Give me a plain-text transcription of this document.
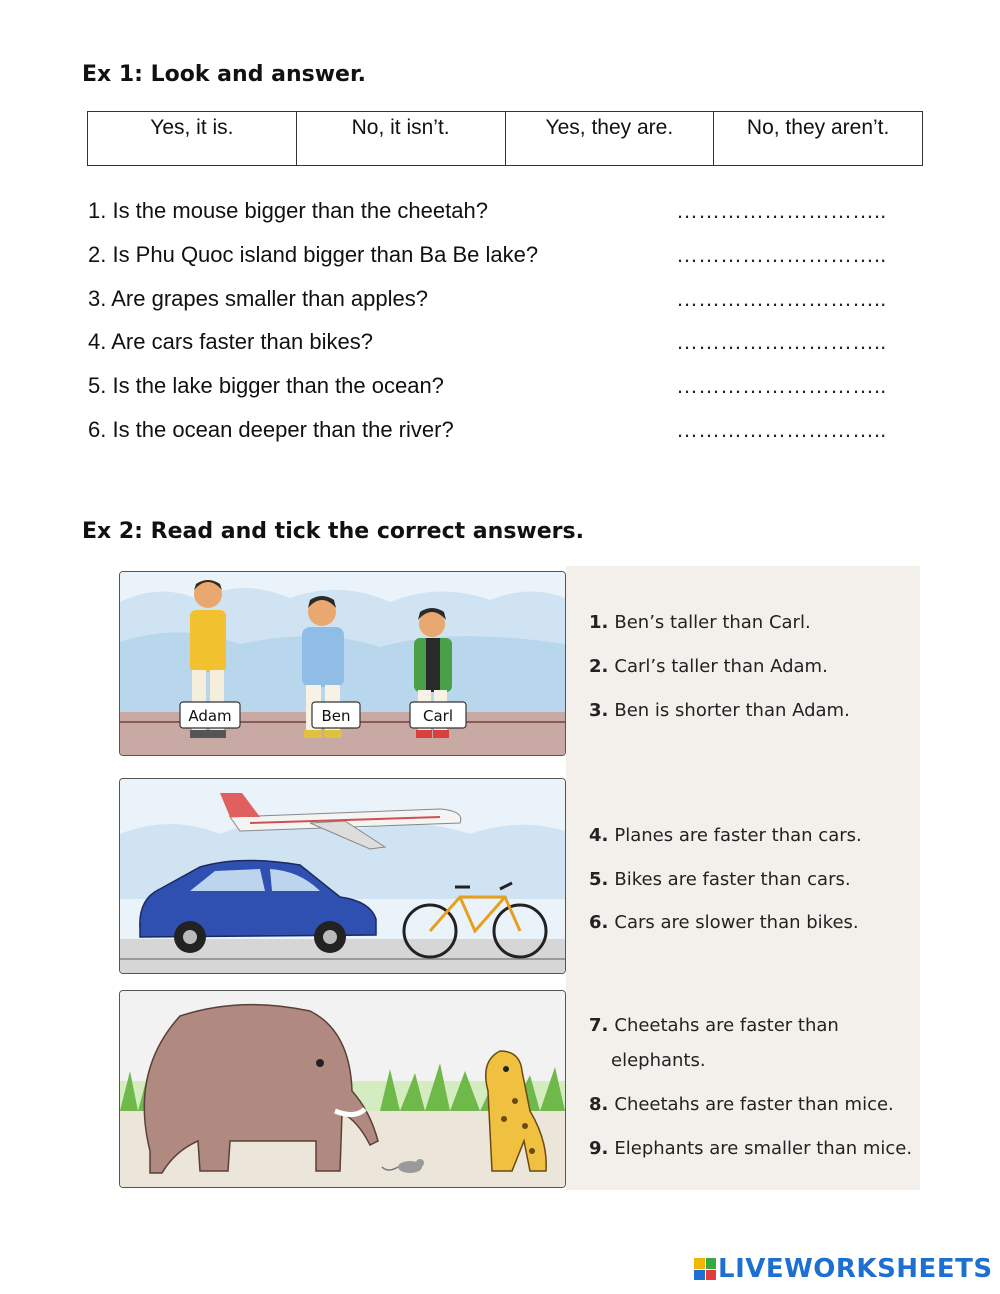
Ex 1: Look and answer.
Yes, it is.	No, it isn’t.	Yes, they are.	No, they aren’t.
1. Is the mouse bigger than the cheetah?	………………………..
2. Is Phu Quoc island bigger than Ba Be lake?	………………………..
3. Are grapes smaller than apples?	………………………..
4. Are cars faster than bikes?	………………………..
5. Is the lake bigger than the ocean?	………………………..
6. Is the ocean deeper than the river?	………………………..
Ex 2: Read and tick the correct answers.
Adam	Ben	Carl
1. Ben’s taller than Carl.
2. Carl’s taller than Adam.
3. Ben is shorter than Adam.
4. Planes are faster than cars.
5. Bikes are faster than cars.
6. Cars are slower than bikes.
7. Cheetahs are faster than
elephants.
8. Cheetahs are faster than mice.
9. Elephants are smaller than mice.
LIVEWORKSHEETS
